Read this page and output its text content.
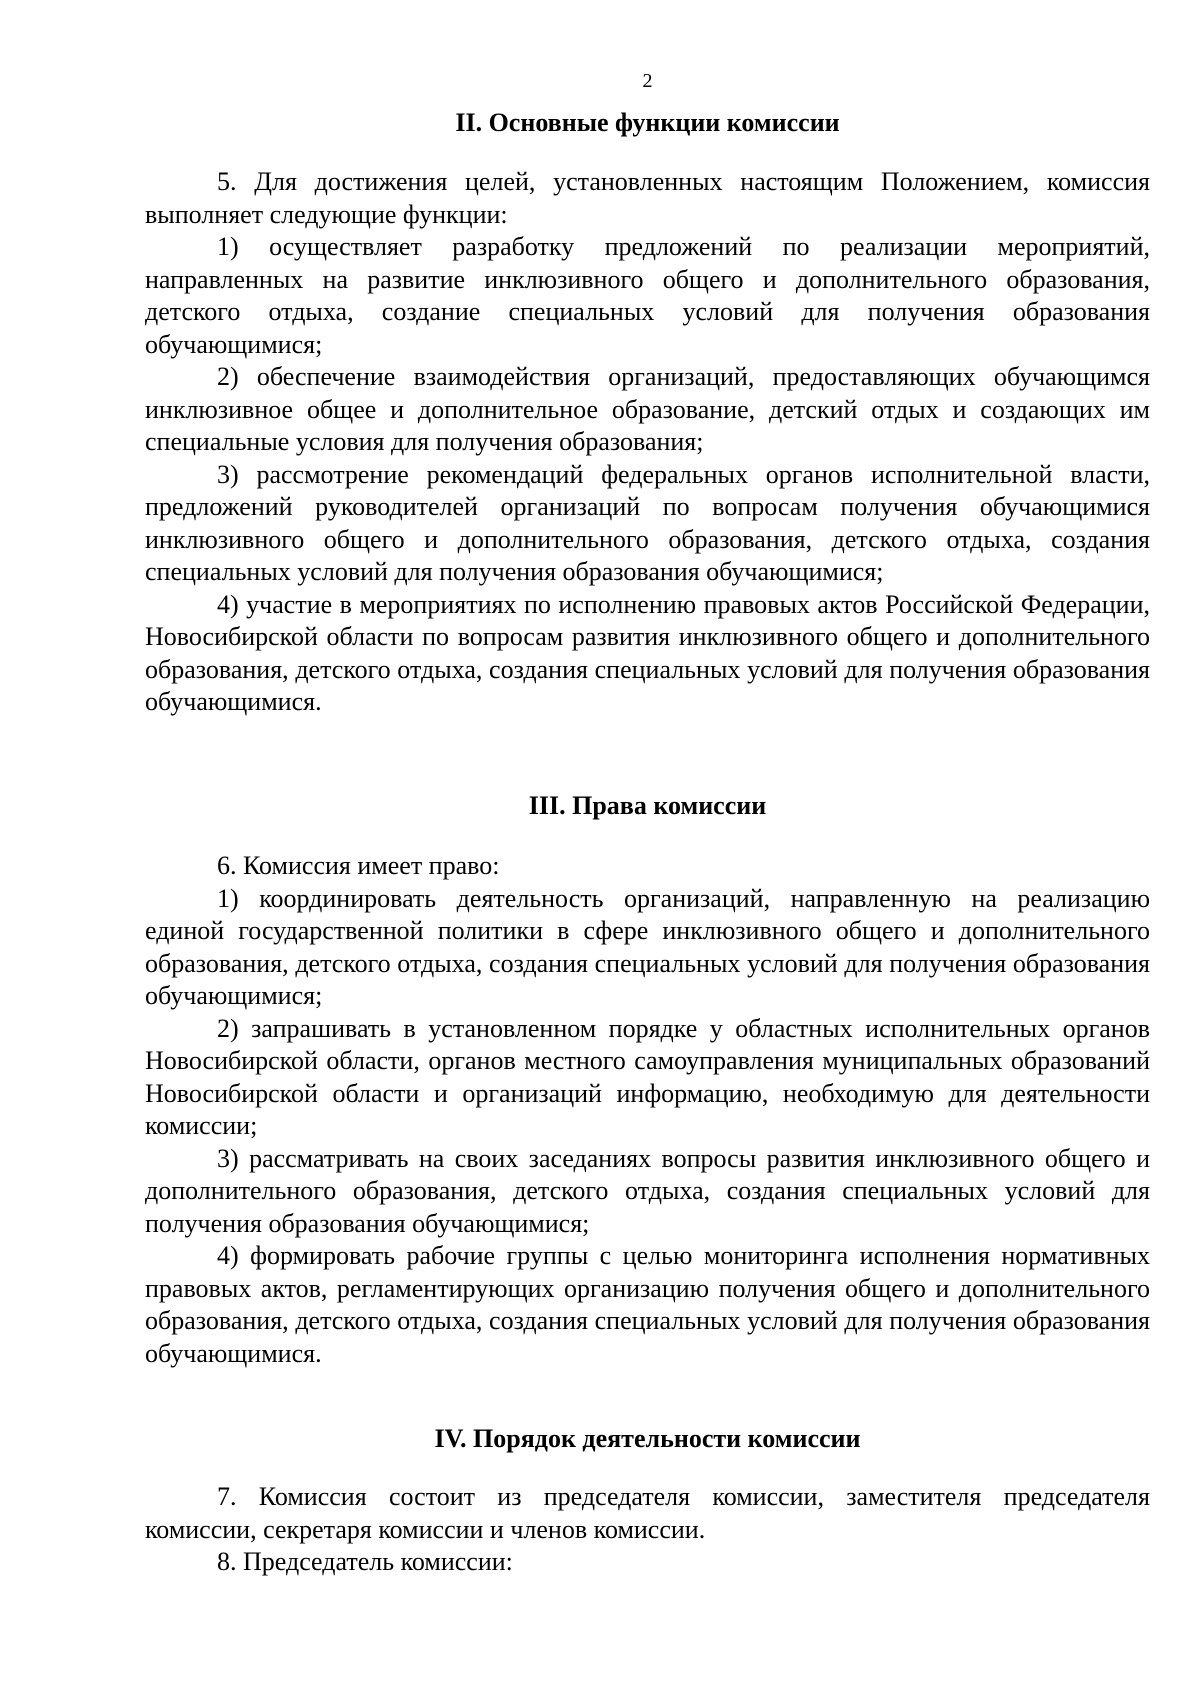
2
II. Основные функции комиссии

5. Для достижения целей, установленных настоящим Положением, комиссия выполняет следующие функции:

1) осуществляет разработку предложений по реализации мероприятий, направленных на развитие инклюзивного общего и дополнительного образования, детского отдыха, создание специальных условий для получения образования обучающимися;

2) обеспечение взаимодействия организаций, предоставляющих обучающимся инклюзивное общее и дополнительное образование, детский отдых и создающих им специальные условия для получения образования;

3) рассмотрение рекомендаций федеральных органов исполнительной власти, предложений руководителей организаций по вопросам получения обучающимися инклюзивного общего и дополнительного образования, детского отдыха, создания специальных условий для получения образования обучающимися;

4) участие в мероприятиях по исполнению правовых актов Российской Федерации, Новосибирской области по вопросам развития инклюзивного общего и дополнительного образования, детского отдыха, создания специальных условий для получения образования обучающимися.

III. Права комиссии

6. Комиссия имеет право:

1) координировать деятельность организаций, направленную на реализацию единой государственной политики в сфере инклюзивного общего и дополнительного образования, детского отдыха, создания специальных условий для получения образования обучающимися;

2) запрашивать в установленном порядке у областных исполнительных органов Новосибирской области, органов местного самоуправления муниципальных образований Новосибирской области и организаций информацию, необходимую для деятельности комиссии;

3) рассматривать на своих заседаниях вопросы развития инклюзивного общего и дополнительного образования, детского отдыха, создания специальных условий для получения образования обучающимися;

4) формировать рабочие группы с целью мониторинга исполнения нормативных правовых актов, регламентирующих организацию получения общего и дополнительного образования, детского отдыха, создания специальных условий для получения образования обучающимися.

IV. Порядок деятельности комиссии

7. Комиссия состоит из председателя комиссии, заместителя председателя комиссии, секретаря комиссии и членов комиссии.

8. Председатель комиссии:
